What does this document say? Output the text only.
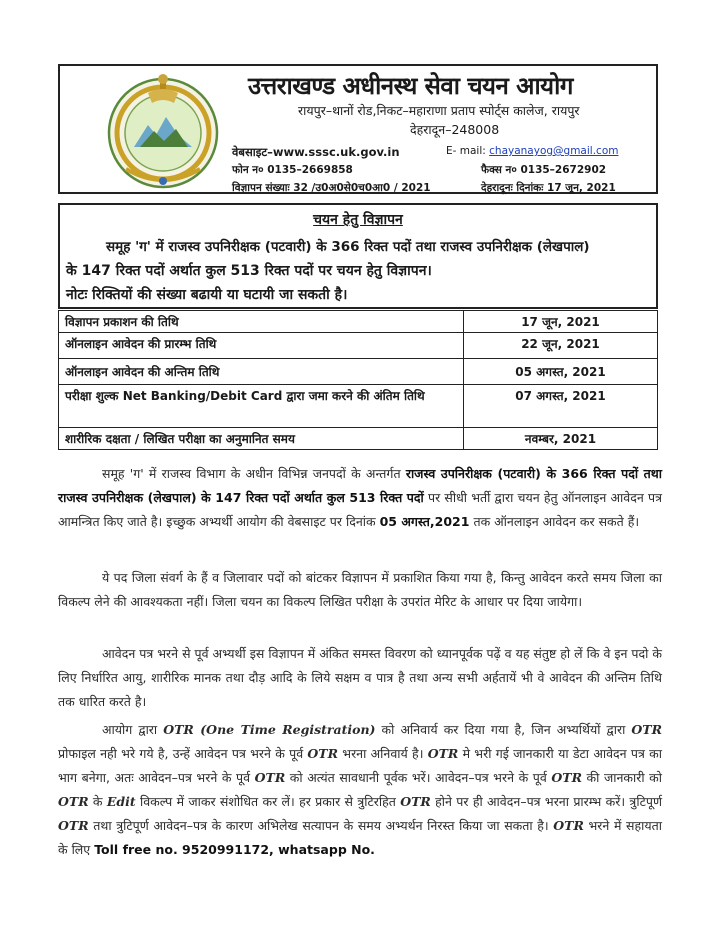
उत्तराखण्ड अधीनस्थ सेवा चयन आयोग
रायपुर–थानों रोड,निकट–महाराणा प्रताप स्पोर्ट्स कालेज, रायपुर
देहरादून–248008
वेबसाइट–www.sssc.uk.gov.in	E- mail: chayanayog@gmail.com
फोन न० 0135–2669858	फैक्स न० 0135–2672902
विज्ञापन संख्याः 32 /उ0अ0से0च0आ0 / 2021	देहरादूनः दिनांकः 17 जून, 2021
चयन हेतु विज्ञापन
समूह 'ग' में राजस्व उपनिरीक्षक (पटवारी) के 366 रिक्त पदों तथा राजस्व उपनिरीक्षक (लेखपाल)
के 147 रिक्त पदों अर्थात कुल 513 रिक्त पदों पर चयन हेतु विज्ञापन।
नोटः रिक्तियों की संख्या बढायी या घटायी जा सकती है।
विज्ञापन प्रकाशन की तिथि	17 जून, 2021
ऑनलाइन आवेदन की प्रारम्भ तिथि	22 जून, 2021
ऑनलाइन आवेदन की अन्तिम तिथि	05 अगस्त, 2021
परीक्षा शुल्क Net Banking/Debit Card द्वारा जमा करने की अंतिम तिथि	07 अगस्त, 2021
शारीरिक दक्षता / लिखित परीक्षा का अनुमानित समय	नवम्बर, 2021
समूह 'ग' में राजस्व विभाग के अधीन विभिन्न जनपदों के अन्तर्गत राजस्व उपनिरीक्षक (पटवारी) के 366 रिक्त पदों तथा राजस्व उपनिरीक्षक (लेखपाल) के 147 रिक्त पदों अर्थात कुल 513 रिक्त पदों पर सीधी भर्ती द्वारा चयन हेतु ऑनलाइन आवेदन पत्र आमन्त्रित किए जाते है। इच्छुक अभ्यर्थी आयोग की वेबसाइट पर दिनांक 05 अगस्त,2021 तक ऑनलाइन आवेदन कर सकते हैं।
ये पद जिला संवर्ग के हैं व जिलावार पदों को बांटकर विज्ञापन में प्रकाशित किया गया है, किन्तु आवेदन करते समय जिला का विकल्प लेने की आवश्यकता नहीं। जिला चयन का विकल्प लिखित परीक्षा के उपरांत मेरिट के आधार पर दिया जायेगा।
आवेदन पत्र भरने से पूर्व अभ्यर्थी इस विज्ञापन में अंकित समस्त विवरण को ध्यानपूर्वक पढ़ें व यह संतुष्ट हो लें कि वे इन पदो के लिए निर्धारित आयु, शारीरिक मानक तथा दौड़ आदि के लिये सक्षम व पात्र है तथा अन्य सभी अर्हतायें भी वे आवेदन की अन्तिम तिथि तक धारित करते है।
आयोग द्वारा OTR (One Time Registration) को अनिवार्य कर दिया गया है, जिन अभ्यर्थियों द्वारा OTR प्रोफाइल नही भरे गये है, उन्हें आवेदन पत्र भरने के पूर्व OTR भरना अनिवार्य है। OTR मे भरी गई जानकारी या डेटा आवेदन पत्र का भाग बनेगा, अतः आवेदन–पत्र भरने के पूर्व OTR को अत्यंत सावधानी पूर्वक भरें। आवेदन–पत्र भरने के पूर्व OTR की जानकारी को OTR के Edit विकल्प में जाकर संशोधित कर लें। हर प्रकार से त्रुटिरहित OTR होने पर ही आवेदन–पत्र भरना प्रारम्भ करें। त्रुटिपूर्ण OTR तथा त्रुटिपूर्ण आवेदन–पत्र के कारण अभिलेख सत्यापन के समय अभ्यर्थन निरस्त किया जा सकता है। OTR भरने में सहायता के लिए Toll free no. 9520991172, whatsapp No.
